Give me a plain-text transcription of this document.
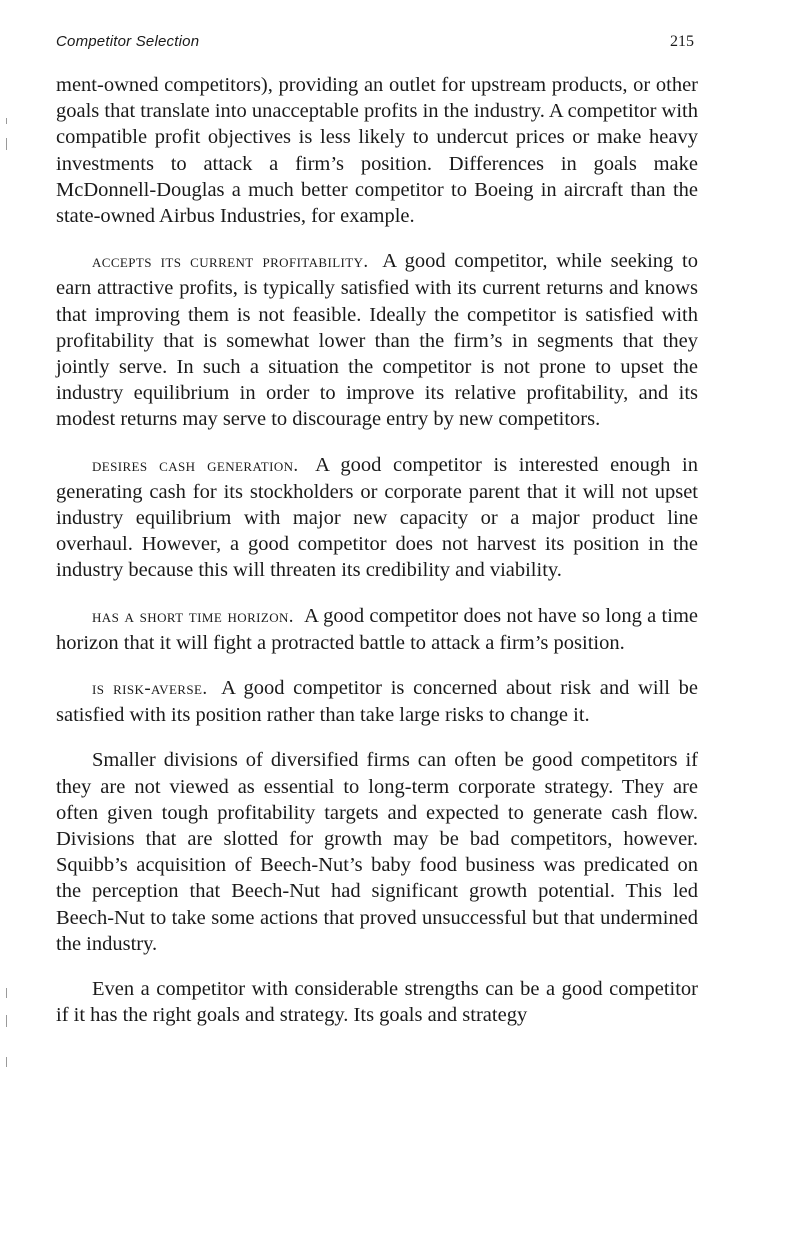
Competitor Selection	215

ment-owned competitors), providing an outlet for upstream products, or other goals that translate into unacceptable profits in the industry. A competitor with compatible profit objectives is less likely to undercut prices or make heavy investments to attack a firm’s position. Differences in goals make McDonnell-Douglas a much better competitor to Boeing in aircraft than the state-owned Airbus Industries, for example.

accepts its current profitability. A good competitor, while seeking to earn attractive profits, is typically satisfied with its current returns and knows that improving them is not feasible. Ideally the competitor is satisfied with profitability that is somewhat lower than the firm’s in segments that they jointly serve. In such a situation the competitor is not prone to upset the industry equilibrium in order to improve its relative profitability, and its modest returns may serve to discourage entry by new competitors.

desires cash generation. A good competitor is interested enough in generating cash for its stockholders or corporate parent that it will not upset industry equilibrium with major new capacity or a major product line overhaul. However, a good competitor does not harvest its position in the industry because this will threaten its credibility and viability.

has a short time horizon. A good competitor does not have so long a time horizon that it will fight a protracted battle to attack a firm’s position.

is risk-averse. A good competitor is concerned about risk and will be satisfied with its position rather than take large risks to change it.

Smaller divisions of diversified firms can often be good competitors if they are not viewed as essential to long-term corporate strategy. They are often given tough profitability targets and expected to generate cash flow. Divisions that are slotted for growth may be bad competitors, however. Squibb’s acquisition of Beech-Nut’s baby food business was predicated on the perception that Beech-Nut had significant growth potential. This led Beech-Nut to take some actions that proved unsuccessful but that undermined the industry.

Even a competitor with considerable strengths can be a good competitor if it has the right goals and strategy. Its goals and strategy
